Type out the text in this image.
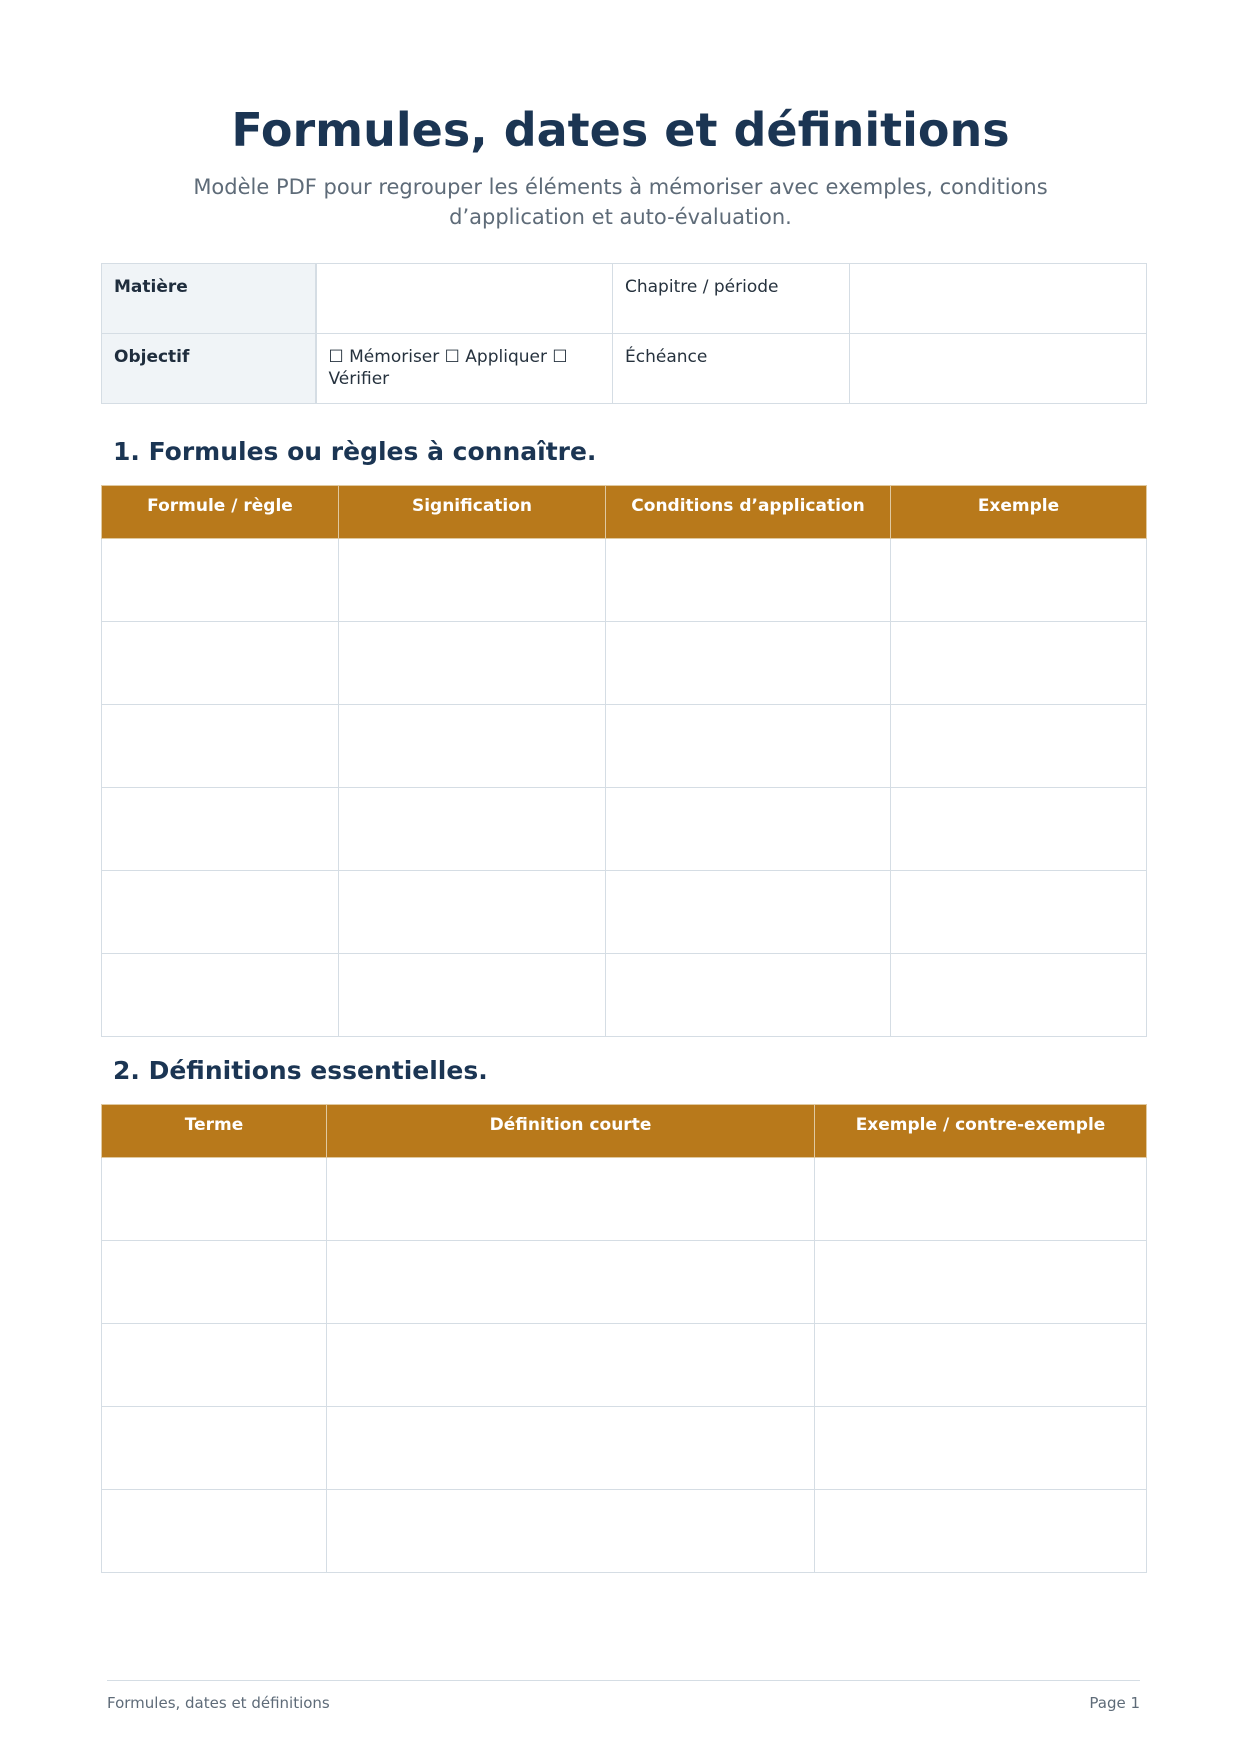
Formules, dates et définitions

Modèle PDF pour regrouper les éléments à mémoriser avec exemples, conditions
d’application et auto-évaluation.

Matière		Chapitre / période	
Objectif	☐ Mémoriser ☐ Appliquer ☐ Vérifier	Échéance	
1. Formules ou règles à connaître.
Formule / règle	Signification	Conditions d’application	Exemple

2. Définitions essentielles.
Terme	Définition courte	Exemple / contre-exemple

Formules, dates et définitions	Page 1
